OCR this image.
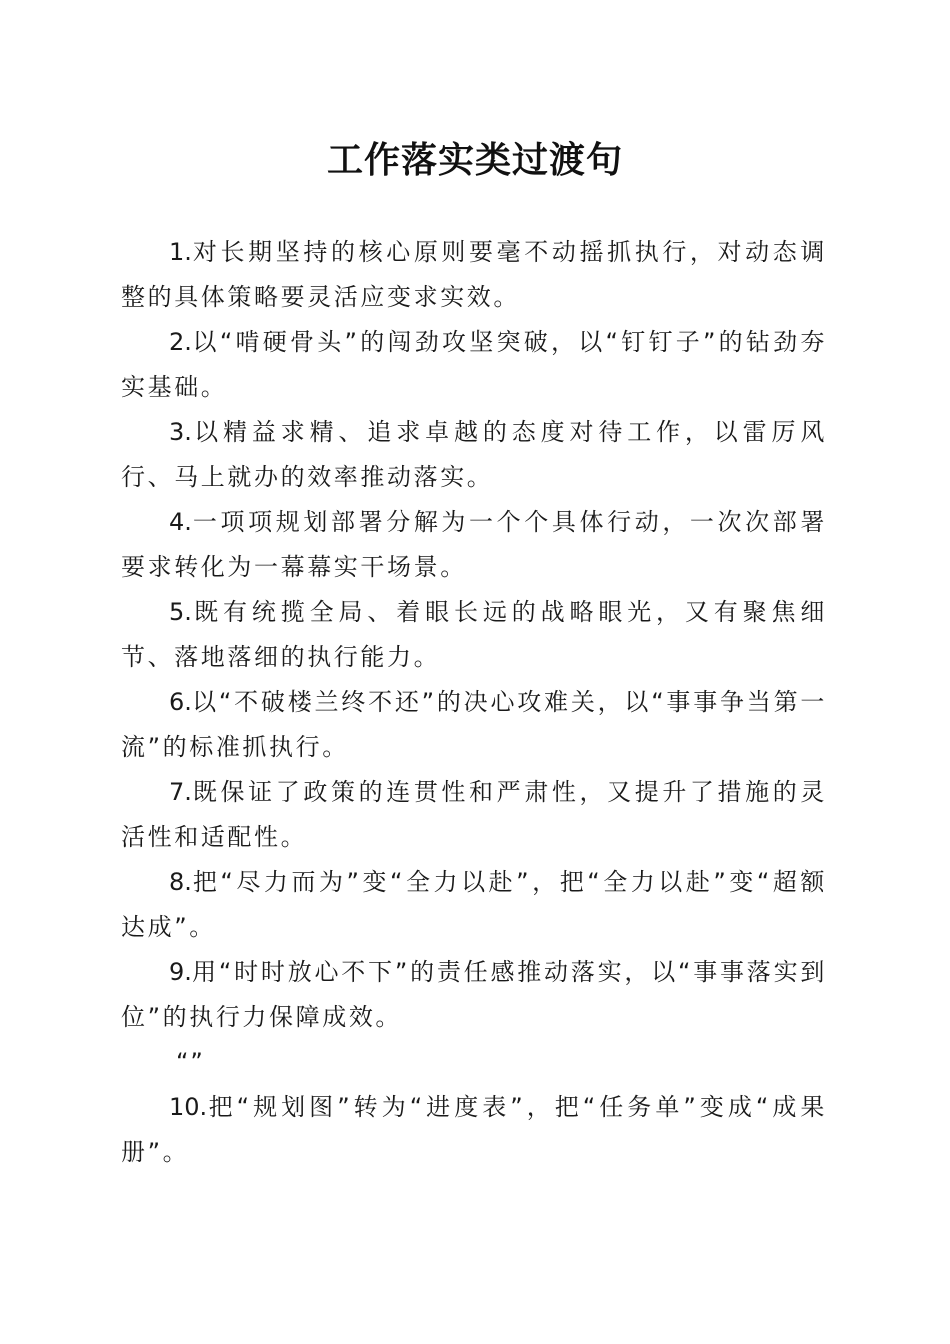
工作落实类过渡句

1.对长期坚持的核心原则要毫不动摇抓执行，对动态调整的具体策略要灵活应变求实效。

2.以“啃硬骨头”的闯劲攻坚突破，以“钉钉子”的钻劲夯实基础。

3.以精益求精、追求卓越的态度对待工作，以雷厉风行、马上就办的效率推动落实。

4.一项项规划部署分解为一个个具体行动，一次次部署要求转化为一幕幕实干场景。

5.既有统揽全局、着眼长远的战略眼光，又有聚焦细节、落地落细的执行能力。

6.以“不破楼兰终不还”的决心攻难关，以“事事争当第一流”的标准抓执行。

7.既保证了政策的连贯性和严肃性，又提升了措施的灵活性和适配性。

8.把“尽力而为”变“全力以赴”，把“全力以赴”变“超额达成”。

9.用“时时放心不下”的责任感推动落实，以“事事落实到位”的执行力保障成效。

“”

10.把“规划图”转为“进度表”，把“任务单”变成“成果册”。
